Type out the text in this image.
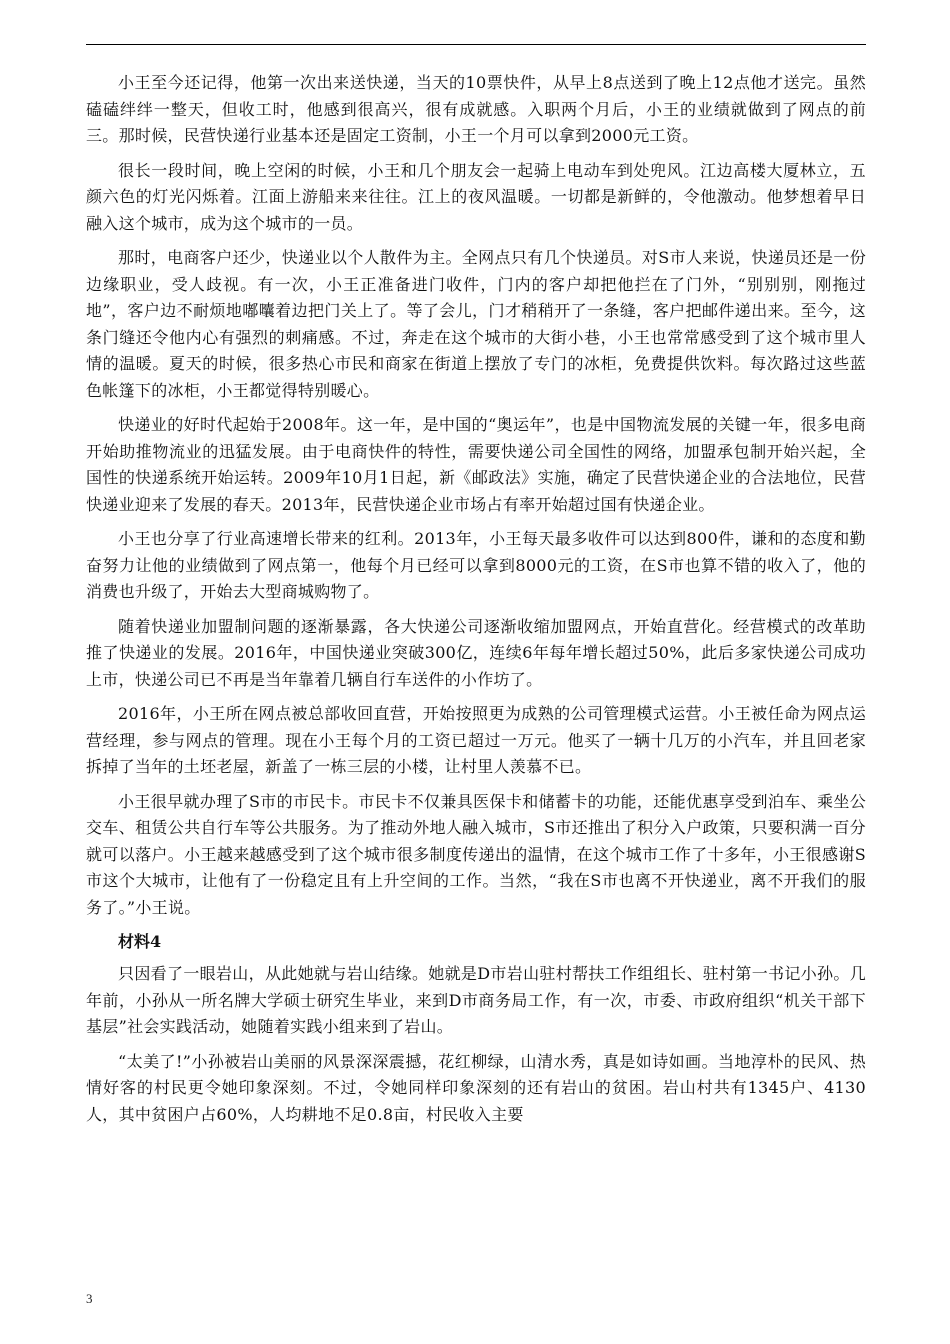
小王至今还记得，他第一次出来送快递，当天的10票快件，从早上8点送到了晚上12点他才送完。虽然磕磕绊绊一整天，但收工时，他感到很高兴，很有成就感。入职两个月后，小王的业绩就做到了网点的前三。那时候，民营快递行业基本还是固定工资制，小王一个月可以拿到2000元工资。

很长一段时间，晚上空闲的时候，小王和几个朋友会一起骑上电动车到处兜风。江边高楼大厦林立，五颜六色的灯光闪烁着。江面上游船来来往往。江上的夜风温暖。一切都是新鲜的，令他激动。他梦想着早日融入这个城市，成为这个城市的一员。

那时，电商客户还少，快递业以个人散件为主。全网点只有几个快递员。对S市人来说，快递员还是一份边缘职业，受人歧视。有一次，小王正准备进门收件，门内的客户却把他拦在了门外，“别别别，刚拖过地”，客户边不耐烦地嘟囔着边把门关上了。等了会儿，门才稍稍开了一条缝，客户把邮件递出来。至今，这条门缝还令他内心有强烈的刺痛感。不过，奔走在这个城市的大街小巷，小王也常常感受到了这个城市里人情的温暖。夏天的时候，很多热心市民和商家在街道上摆放了专门的冰柜，免费提供饮料。每次路过这些蓝色帐篷下的冰柜，小王都觉得特别暖心。

快递业的好时代起始于2008年。这一年，是中国的“奥运年”，也是中国物流发展的关键一年，很多电商开始助推物流业的迅猛发展。由于电商快件的特性，需要快递公司全国性的网络，加盟承包制开始兴起，全国性的快递系统开始运转。2009年10月1日起，新《邮政法》实施，确定了民营快递企业的合法地位，民营快递业迎来了发展的春天。2013年，民营快递企业市场占有率开始超过国有快递企业。

小王也分享了行业高速增长带来的红利。2013年，小王每天最多收件可以达到800件，谦和的态度和勤奋努力让他的业绩做到了网点第一，他每个月已经可以拿到8000元的工资，在S市也算不错的收入了，他的消费也升级了，开始去大型商城购物了。

随着快递业加盟制问题的逐渐暴露，各大快递公司逐渐收缩加盟网点，开始直营化。经营模式的改革助推了快递业的发展。2016年，中国快递业突破300亿，连续6年每年增长超过50%，此后多家快递公司成功上市，快递公司已不再是当年靠着几辆自行车送件的小作坊了。

2016年，小王所在网点被总部收回直营，开始按照更为成熟的公司管理模式运营。小王被任命为网点运营经理，参与网点的管理。现在小王每个月的工资已超过一万元。他买了一辆十几万的小汽车，并且回老家拆掉了当年的土坯老屋，新盖了一栋三层的小楼，让村里人羡慕不已。

小王很早就办理了S市的市民卡。市民卡不仅兼具医保卡和储蓄卡的功能，还能优惠享受到泊车、乘坐公交车、租赁公共自行车等公共服务。为了推动外地人融入城市，S市还推出了积分入户政策，只要积满一百分就可以落户。小王越来越感受到了这个城市很多制度传递出的温情，在这个城市工作了十多年，小王很感谢S市这个大城市，让他有了一份稳定且有上升空间的工作。当然，“我在S市也离不开快递业，离不开我们的服务了。”小王说。

材料4

只因看了一眼岩山，从此她就与岩山结缘。她就是D市岩山驻村帮扶工作组组长、驻村第一书记小孙。几年前，小孙从一所名牌大学硕士研究生毕业，来到D市商务局工作，有一次，市委、市政府组织“机关干部下基层”社会实践活动，她随着实践小组来到了岩山。

“太美了!”小孙被岩山美丽的风景深深震撼，花红柳绿，山清水秀，真是如诗如画。当地淳朴的民风、热情好客的村民更令她印象深刻。不过，令她同样印象深刻的还有岩山的贫困。岩山村共有1345户、4130人，其中贫困户占60%，人均耕地不足0.8亩，村民收入主要

3
